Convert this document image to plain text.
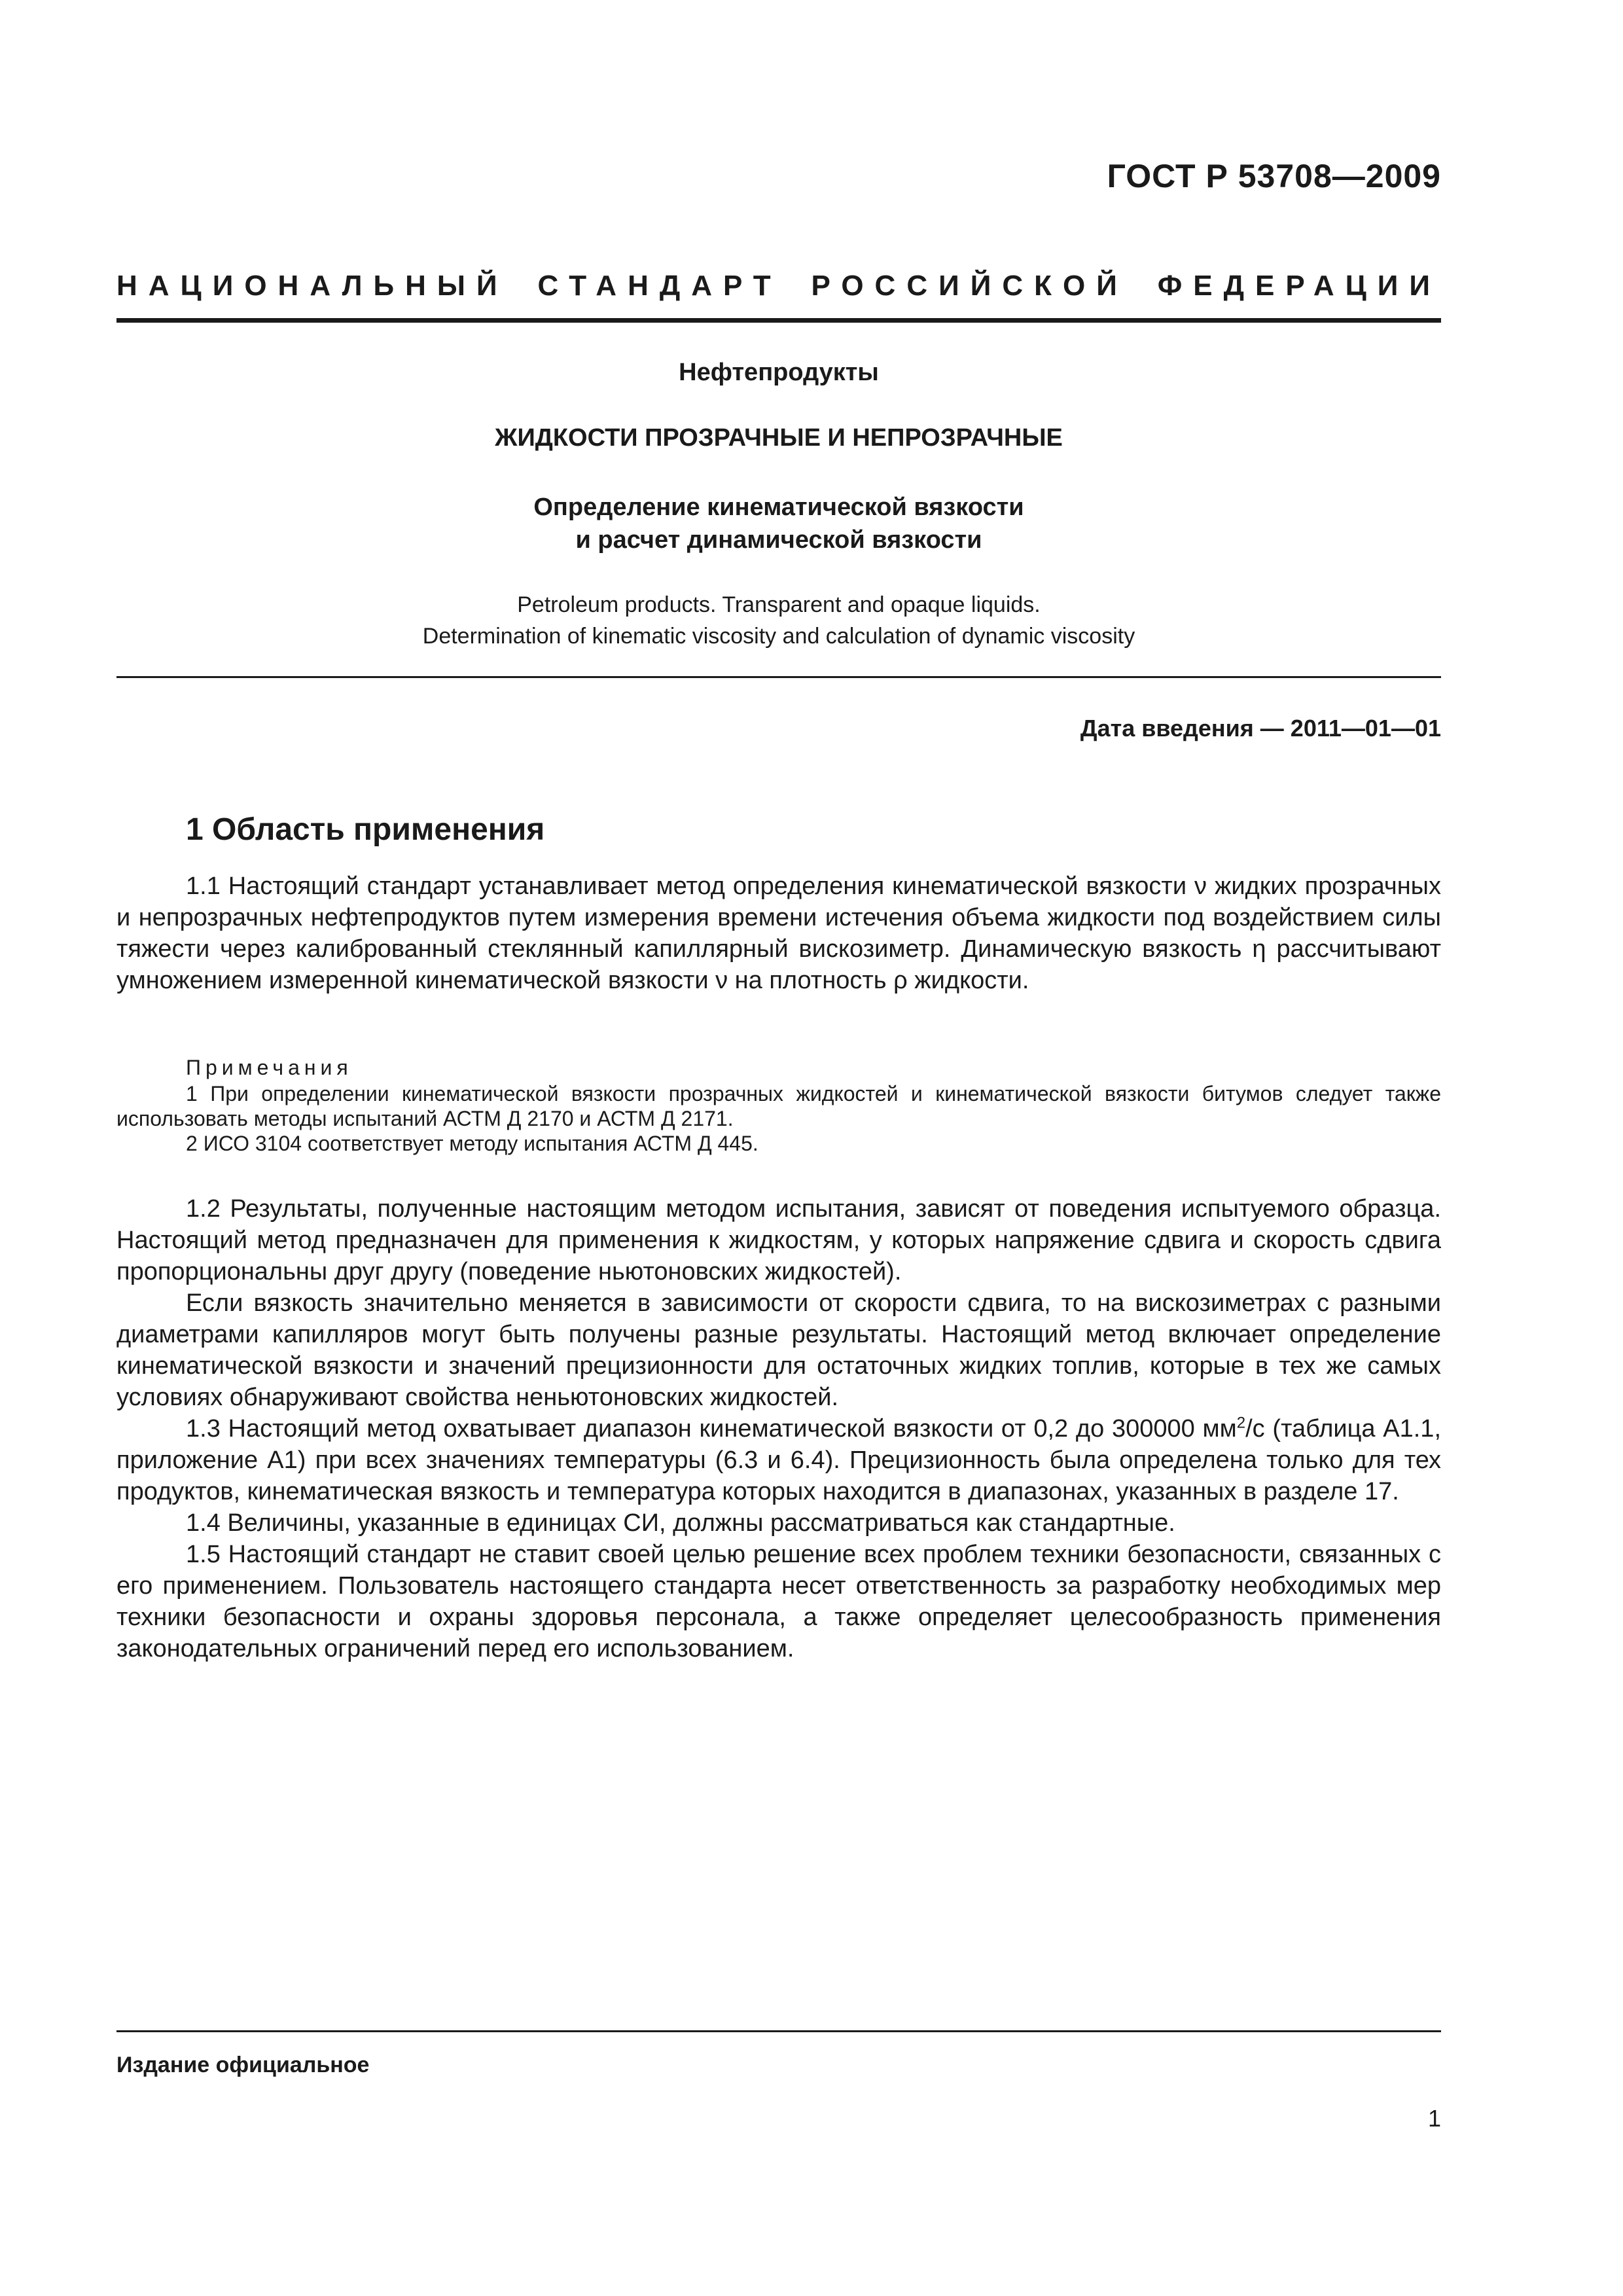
ГОСТ Р 53708—2009
НАЦИОНАЛЬНЫЙ СТАНДАРТ РОССИЙСКОЙ ФЕДЕРАЦИИ
Нефтепродукты
ЖИДКОСТИ ПРОЗРАЧНЫЕ И НЕПРОЗРАЧНЫЕ
Определение кинематической вязкости
и расчет динамической вязкости
Petroleum products. Transparent and opaque liquids.
Determination of kinematic viscosity and calculation of dynamic viscosity
Дата введения — 2011—01—01
1 Область применения

1.1 Настоящий стандарт устанавливает метод определения кинематической вязкости ν жидких прозрачных и непрозрачных нефтепродуктов путем измерения времени истечения объема жидкости под воздействием силы тяжести через калиброванный стеклянный капиллярный вискозиметр. Динамическую вязкость η рассчитывают умножением измеренной кинематической вязкости ν на плотность ρ жидкости.

Примечания

1 При определении кинематической вязкости прозрачных жидкостей и кинематической вязкости битумов следует также использовать методы испытаний АСТМ Д 2170 и АСТМ Д 2171.

2 ИСО 3104 соответствует методу испытания АСТМ Д 445.

1.2 Результаты, полученные настоящим методом испытания, зависят от поведения испытуемого образца. Настоящий метод предназначен для применения к жидкостям, у которых напряжение сдвига и скорость сдвига пропорциональны друг другу (поведение ньютоновских жидкостей).

Если вязкость значительно меняется в зависимости от скорости сдвига, то на вискозиметрах с разными диаметрами капилляров могут быть получены разные результаты. Настоящий метод включает определение кинематической вязкости и значений прецизионности для остаточных жидких топлив, которые в тех же самых условиях обнаруживают свойства неньютоновских жидкостей.

1.3 Настоящий метод охватывает диапазон кинематической вязкости от 0,2 до 300000 $мм^2/с$ (таблица А1.1, приложение А1) при всех значениях температуры (6.3 и 6.4). Прецизионность была определена только для тех продуктов, кинематическая вязкость и температура которых находится в диапазонах, указанных в разделе 17.

1.4 Величины, указанные в единицах СИ, должны рассматриваться как стандартные.

1.5 Настоящий стандарт не ставит своей целью решение всех проблем техники безопасности, связанных с его применением. Пользователь настоящего стандарта несет ответственность за разработку необходимых мер техники безопасности и охраны здоровья персонала, а также определяет целесообразность применения законодательных ограничений перед его использованием.

Издание официальное
1
